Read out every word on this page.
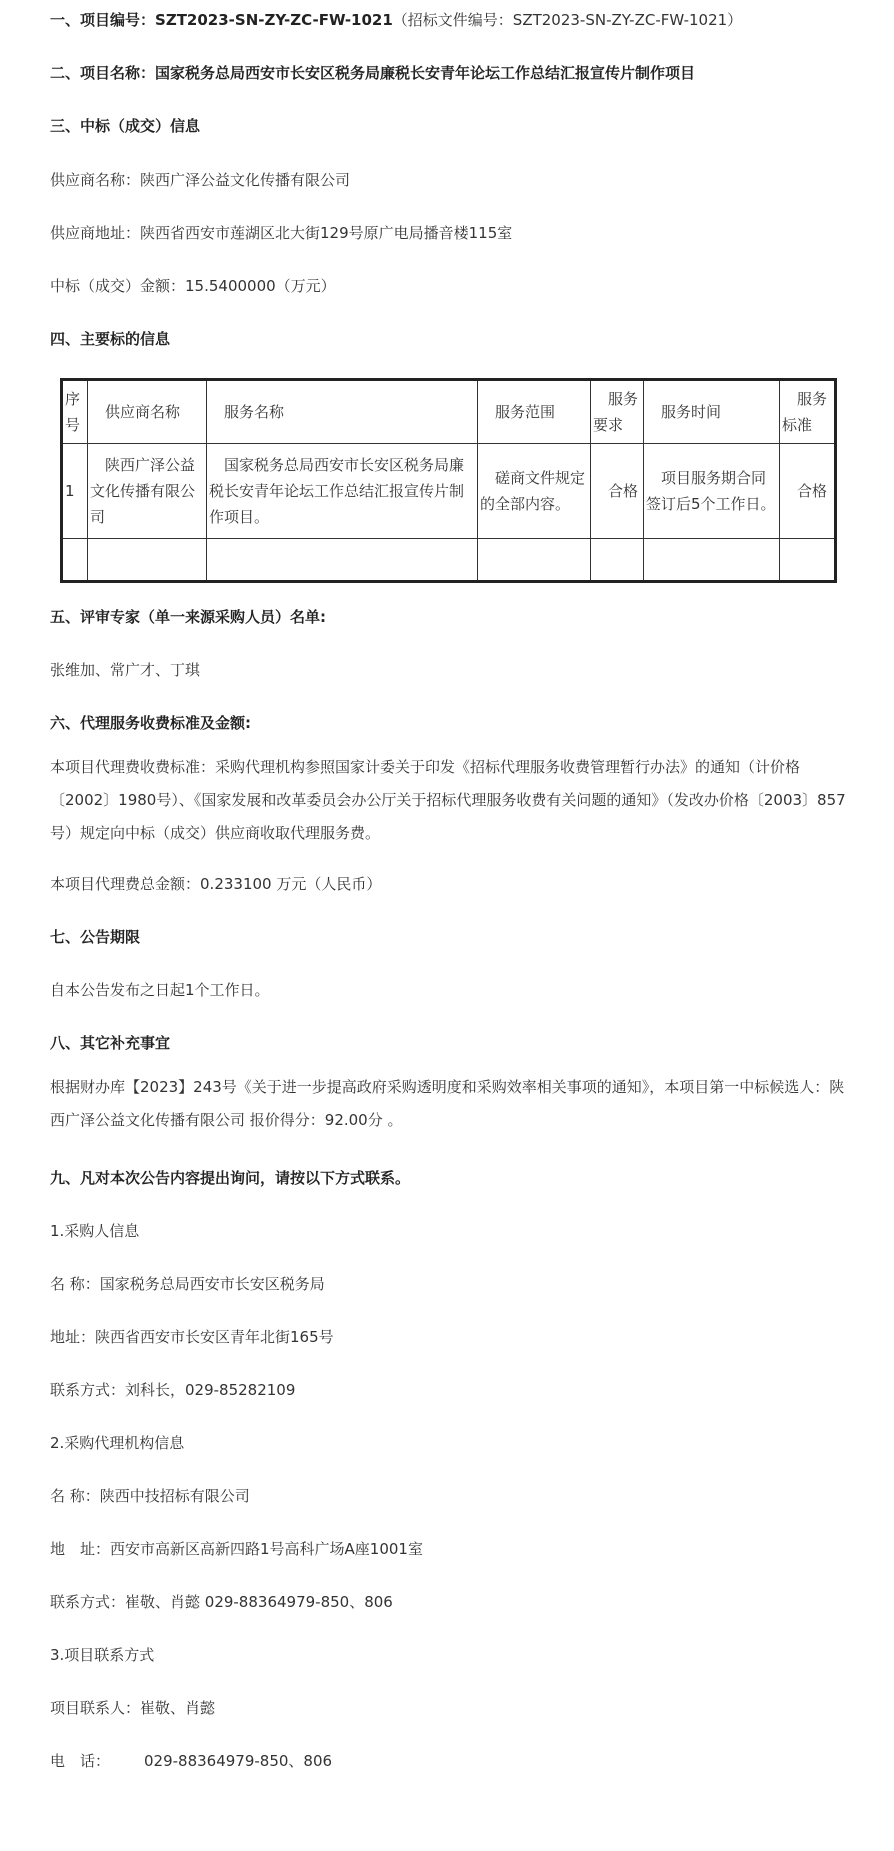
一、项目编号：SZT2023-SN-ZY-ZC-FW-1021（招标文件编号：SZT2023-SN-ZY-ZC-FW-1021）
二、项目名称：国家税务总局西安市长安区税务局廉税长安青年论坛工作总结汇报宣传片制作项目
三、中标（成交）信息
供应商名称：陕西广泽公益文化传播有限公司
供应商地址：陕西省西安市莲湖区北大街129号原广电局播音楼115室
中标（成交）金额：15.5400000（万元）
四、主要标的信息
序号	供应商名称	服务名称	服务范围	服务要求	服务时间	服务标准
1	陕西广泽公益文化传播有限公司	国家税务总局西安市长安区税务局廉税长安青年论坛工作总结汇报宣传片制作项目。	磋商文件规定的全部内容。	合格	项目服务期合同签订后5个工作日。	合格

五、评审专家（单一来源采购人员）名单:
张维加、常广才、丁琪
六、代理服务收费标准及金额:
本项目代理费收费标准：采购代理机构参照国家计委关于印发《招标代理服务收费管理暂行办法》的通知（计价格〔2002〕1980号）、《国家发展和改革委员会办公厅关于招标代理服务收费有关问题的通知》（发改办价格〔2003〕857号）规定向中标（成交）供应商收取代理服务费。
本项目代理费总金额：0.233100 万元（人民币）
七、公告期限
自本公告发布之日起1个工作日。
八、其它补充事宜
根据财办库【2023】243号《关于进一步提高政府采购透明度和采购效率相关事项的通知》，本项目第一中标候选人：陕西广泽公益文化传播有限公司 报价得分：92.00分 。
九、凡对本次公告内容提出询问，请按以下方式联系。
1.采购人信息
名 称：国家税务总局西安市长安区税务局
地址：陕西省西安市长安区青年北街165号
联系方式：刘科长，029-85282109
2.采购代理机构信息
名 称：陕西中技招标有限公司
地　址：西安市高新区高新四路1号高科广场A座1001室
联系方式：崔敬、肖懿 029-88364979-850、806
3.项目联系方式
项目联系人：崔敬、肖懿
电　话： 029-88364979-850、806
